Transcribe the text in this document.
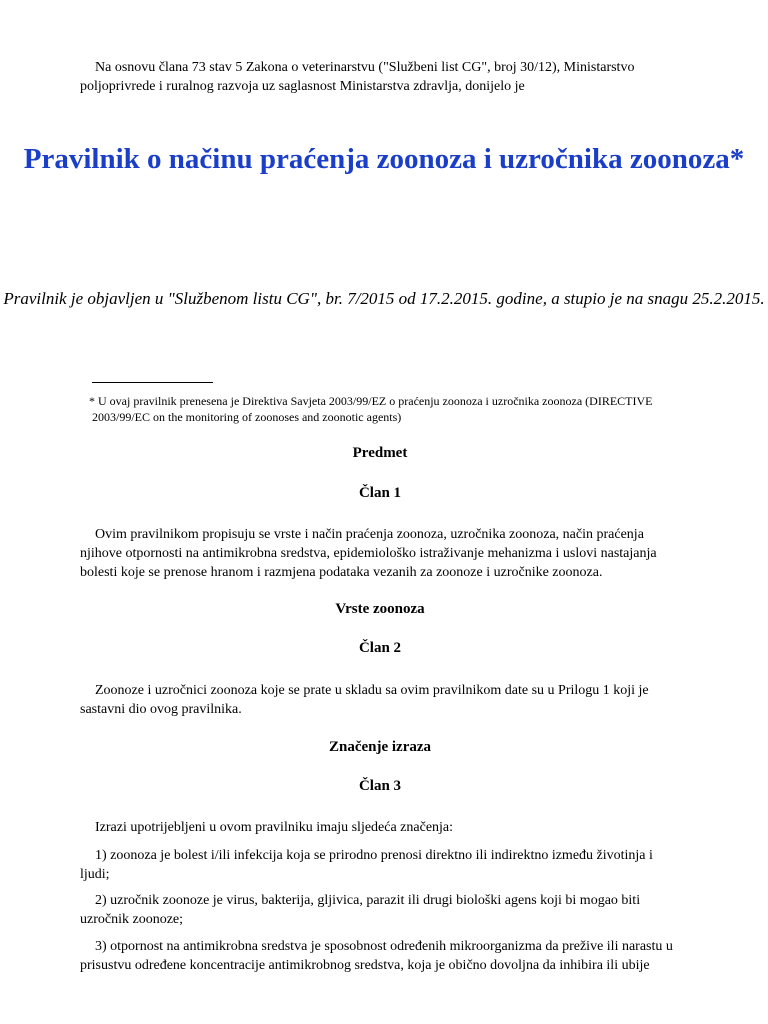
Na osnovu člana 73 stav 5 Zakona o veterinarstvu ("Službeni list CG", broj 30/12), Ministarstvo poljoprivrede i ruralnog razvoja uz saglasnost Ministarstva zdravlja, donijelo je

Pravilnik o načinu praćenja zoonoza i uzročnika zoonoza*

Pravilnik je objavljen u "Službenom listu CG", br. 7/2015 od 17.2.2015. godine, a stupio je na snagu 25.2.2015.

* U ovaj pravilnik prenesena je Direktiva Savjeta 2003/99/EZ o praćenju zoonoza i uzročnika zoonoza (DIRECTIVE 2003/99/EC on the monitoring of zoonoses and zoonotic agents)

Predmet
Član 1

Ovim pravilnikom propisuju se vrste i način praćenja zoonoza, uzročnika zoonoza, način praćenja njihove otpornosti na antimikrobna sredstva, epidemiološko istraživanje mehanizma i uslovi nastajanja bolesti koje se prenose hranom i razmjena podataka vezanih za zoonoze i uzročnike zoonoza.

Vrste zoonoza
Član 2

Zoonoze i uzročnici zoonoza koje se prate u skladu sa ovim pravilnikom date su u Prilogu 1 koji je sastavni dio ovog pravilnika.

Značenje izraza
Član 3

Izrazi upotrijebljeni u ovom pravilniku imaju sljedeća značenja:

1) zoonoza je bolest i/ili infekcija koja se prirodno prenosi direktno ili indirektno između životinja i ljudi;

2) uzročnik zoonoze je virus, bakterija, gljivica, parazit ili drugi biološki agens koji bi mogao biti uzročnik zoonoze;

3) otpornost na antimikrobna sredstva je sposobnost određenih mikroorganizma da prežive ili narastu u prisustvu određene koncentracije antimikrobnog sredstva, koja je obično dovoljna da inhibira ili ubije
